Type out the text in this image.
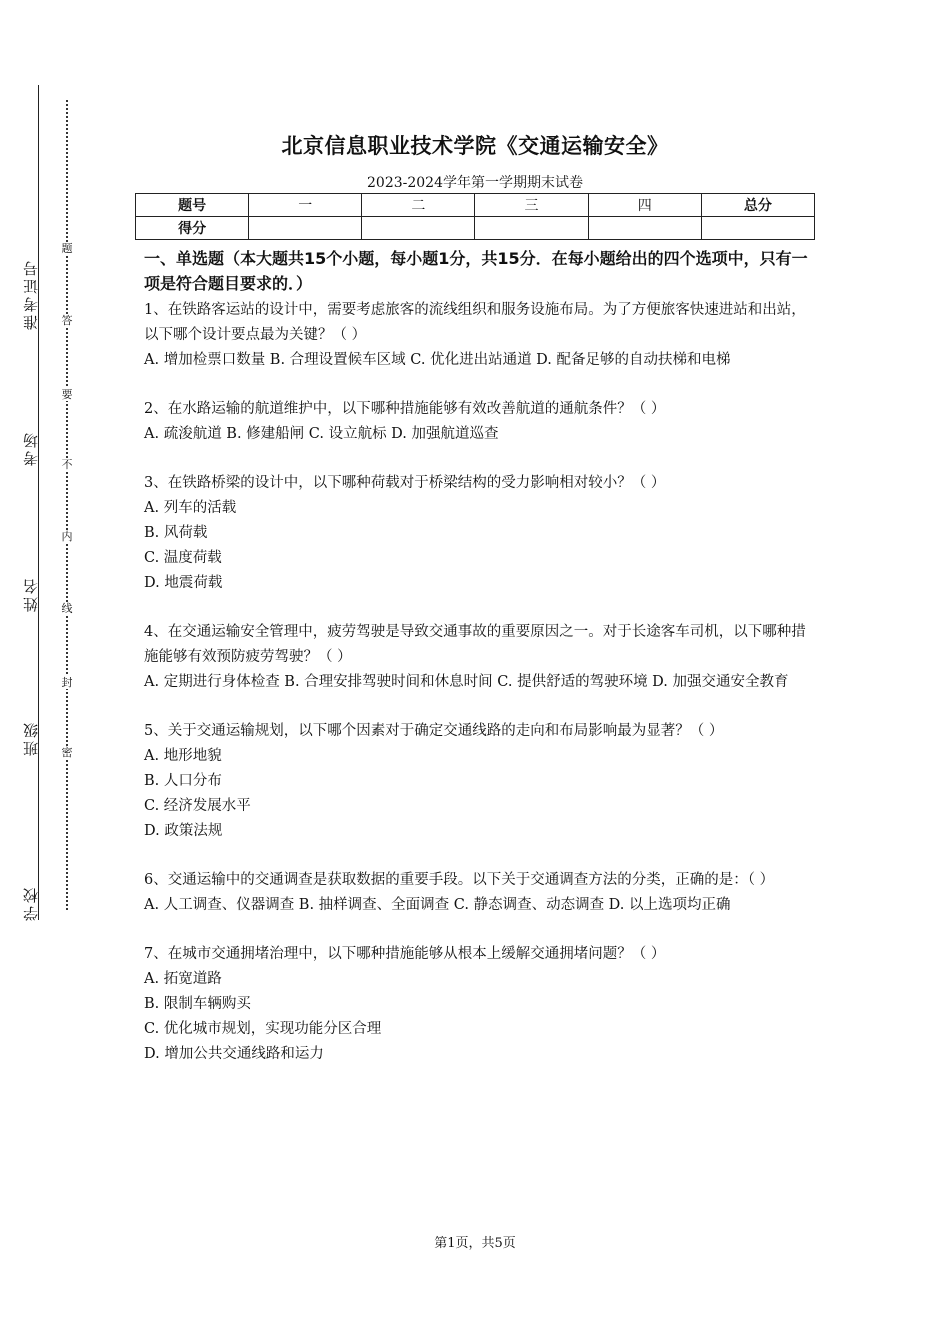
准考证号
考场
姓名
班级
学校
题
答
要
不
内
线
封
密
北京信息职业技术学院《交通运输安全》
2023-2024学年第一学期期末试卷
题号	一	二	三	四	总分
得分					

一、单选题（本大题共15个小题，每小题1分，共15分．在每小题给出的四个选项中，只有一项是符合题目要求的．）

1、在铁路客运站的设计中，需要考虑旅客的流线组织和服务设施布局。为了方便旅客快速进站和出站，以下哪个设计要点最为关键？（ ）

A. 增加检票口数量 B. 合理设置候车区域 C. 优化进出站通道 D. 配备足够的自动扶梯和电梯

2、在水路运输的航道维护中，以下哪种措施能够有效改善航道的通航条件？（ ）

A. 疏浚航道 B. 修建船闸 C. 设立航标 D. 加强航道巡查

3、在铁路桥梁的设计中，以下哪种荷载对于桥梁结构的受力影响相对较小？（ ）

A. 列车的活载

B. 风荷载

C. 温度荷载

D. 地震荷载

4、在交通运输安全管理中，疲劳驾驶是导致交通事故的重要原因之一。对于长途客车司机，以下哪种措施能够有效预防疲劳驾驶？（ ）

A. 定期进行身体检查 B. 合理安排驾驶时间和休息时间 C. 提供舒适的驾驶环境 D. 加强交通安全教育

5、关于交通运输规划，以下哪个因素对于确定交通线路的走向和布局影响最为显著？（ ）

A. 地形地貌

B. 人口分布

C. 经济发展水平

D. 政策法规

6、交通运输中的交通调查是获取数据的重要手段。以下关于交通调查方法的分类，正确的是：（ ）

A. 人工调查、仪器调查 B. 抽样调查、全面调查 C. 静态调查、动态调查 D. 以上选项均正确

7、在城市交通拥堵治理中，以下哪种措施能够从根本上缓解交通拥堵问题？（ ）

A. 拓宽道路

B. 限制车辆购买

C. 优化城市规划，实现功能分区合理

D. 增加公共交通线路和运力

第1页，共5页
